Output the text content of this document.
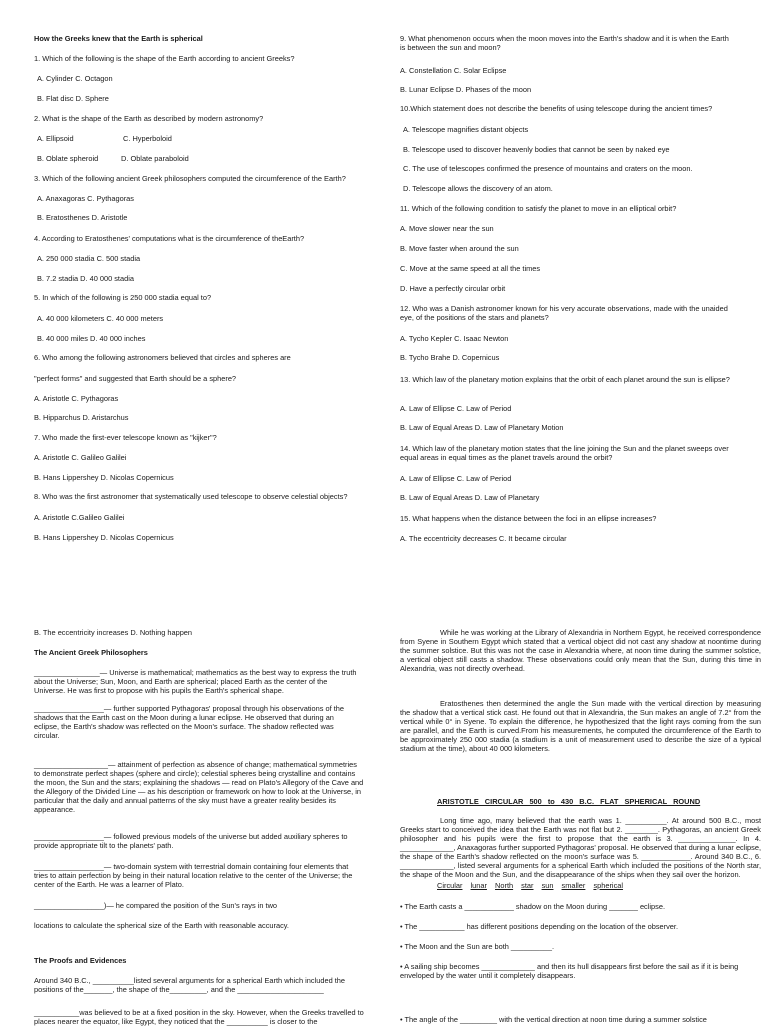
How the Greeks knew that the Earth is spherical

1. Which of the following is the shape of the Earth according to ancient Greeks?

A. Cylinder C. Octagon

B. Flat disc D. Sphere

2. What is the shape of the Earth as described by modern astronomy?

A. Ellipsoid	C. Hyperboloid

B. Oblate spheroid	D. Oblate paraboloid

3. Which of the following ancient Greek philosophers computed the circumference of the Earth?

A. Anaxagoras C. Pythagoras

B. Eratosthenes D. Aristotle

4. According to Eratosthenes' computations what is the circumference of theEarth?

A. 250 000 stadia C. 500 stadia

B. 7.2 stadia D. 40 000 stadia

5. In which of the following is 250 000 stadia equal to?

A. 40 000 kilometers C. 40 000 meters

B. 40 000 miles D. 40 000 inches

6. Who among the following astronomers believed that circles and spheres are

"perfect forms" and suggested that Earth should be a sphere?

A. Aristotle C. Pythagoras

B. Hipparchus D. Aristarchus

7. Who made the first-ever telescope known as "kijker"?

A. Aristotle C. Galileo Galilei

B. Hans Lippershey D. Nicolas Copernicus

8. Who was the first astronomer that systematically used telescope to observe celestial objects?

A. Aristotle C.Galileo Galilei

B. Hans Lippershey D. Nicolas Copernicus

9. What phenomenon occurs when the moon moves into the Earth's shadow and it is when the Earth is between the sun and moon?

A. Constellation C. Solar Eclipse

B. Lunar Eclipse D. Phases of the moon

10.Which statement does not describe the benefits of using telescope during the ancient times?

A. Telescope magnifies distant objects

B. Telescope used to discover heavenly bodies that cannot be seen by naked eye

C. The use of telescopes confirmed the presence of mountains and craters on the moon.

D. Telescope allows the discovery of an atom.

11. Which of the following condition to satisfy the planet to move in an elliptical orbit?

A. Move slower near the sun

B. Move faster when around the sun

C. Move at the same speed at all the times

D. Have a perfectly circular orbit

12. Who was a Danish astronomer known for his very accurate observations, made with the unaided eye, of the positions of the stars and planets?

A. Tycho Kepler C. Isaac Newton

B. Tycho Brahe D. Copernicus

13. Which law of the planetary motion explains that the orbit of each planet around the sun is ellipse?

A. Law of Ellipse C. Law of Period

B. Law of Equal Areas D. Law of Planetary Motion

14. Which law of the planetary motion states that the line joining the Sun and the planet sweeps over equal areas in equal times as the planet travels around the orbit?

A. Law of Ellipse C. Law of Period

B. Law of Equal Areas D. Law of Planetary

15. What happens when the distance between the foci in an ellipse increases?

A. The eccentricity decreases C. It became circular

B. The eccentricity increases D. Nothing happen

The Ancient Greek Philosophers

________________— Universe is mathematical; mathematics as the best way to express the truth about the Universe; Sun, Moon, and Earth are spherical; placed Earth as the center of the Universe. He was first to propose with his pupils the Earth's spherical shape.

_________________— further supported Pythagoras' proposal through his observations of the shadows that the Earth cast on the Moon during a lunar eclipse. He observed that during an eclipse, the Earth's shadow was reflected on the Moon's surface. The shadow reflected was circular.

__________________— attainment of perfection as absence of change; mathematical symmetries to demonstrate perfect shapes (sphere and circle); celestial spheres being crystalline and contains the moon, the Sun and the stars; explaining the shadows — read on Plato's Allegory of the Cave and the Allegory of the Divided Line — as his description or framework on how to look at the Universe, in particular that the daily and annual patterns of the sky must have a greater reality besides its appearance.

_________________— followed previous models of the universe but added auxiliary spheres to provide appropriate tilt to the planets' path.

_________________— two-domain system with terrestrial domain containing four elements that tries to attain perfection by being in their natural location relative to the center of the Universe; the center of the Earth. He was a learner of Plato.

_________________)— he compared the position of the Sun's rays in two

locations to calculate the spherical size of the Earth with reasonable accuracy.

The Proofs and Evidences

Around 340 B.C., __________listed several arguments for a spherical Earth which included the positions of the_______, the shape of the_________, and the _____________________

___________was believed to be at a fixed position in the sky. However, when the Greeks travelled to places nearer the equator, like Egypt, they noticed that the __________ is closer to the

While he was working at the Library of Alexandria in Northern Egypt, he received correspondence from Syene in Southern Egypt which stated that a vertical object did not cast any shadow at noontime during the summer solstice. But this was not the case in Alexandria where, at noon time during the summer solstice, a vertical object still casts a shadow. These observations could only mean that the Sun, during this time in Alexandria, was not directly overhead.

Eratosthenes then determined the angle the Sun made with the vertical direction by measuring the shadow that a vertical stick cast. He found out that in Alexandria, the Sun makes an angle of 7.2° from the vertical while 0° in Syene. To explain the difference, he hypothesized that the light rays coming from the sun are parallel, and the Earth is curved.From his measurements, he computed the circumference of the Earth to be approximately 250 000 stadia (a stadium is a unit of measurement used to describe the size of a typical stadium at the time), about 40 000 kilometers.

ARISTOTLE CIRCULAR 500 to 430 B.C. FLAT SPHERICAL ROUND

Long time ago, many believed that the earth was 1. __________. At around 500 B.C., most Greeks start to conceived the idea that the Earth was not flat but 2. ________. Pythagoras, an ancient Greek philosopher and his pupils were the first to propose that the earth is 3. ______________. In 4. _____________, Anaxagoras further supported Pythagoras' proposal. He observed that during a lunar eclipse, the shape of the Earth's shadow reflected on the moon's surface was 5. ____________. Around 340 B.C., 6. _____________, listed several arguments for a spherical Earth which included the positions of the North star, the shape of the Moon and the Sun, and the disappearance of the ships when they sail over the horizon.

Circular lunar North star sun smaller spherical

• The Earth casts a ____________ shadow on the Moon during _______ eclipse.

• The ___________ has different positions depending on the location of the observer.

• The Moon and the Sun are both __________.

• A sailing ship becomes _____________ and then its hull disappears first before the sail as if it is being enveloped by the water until it completely disappears.

• The angle of the _________ with the vertical direction at noon time during a summer solstice
